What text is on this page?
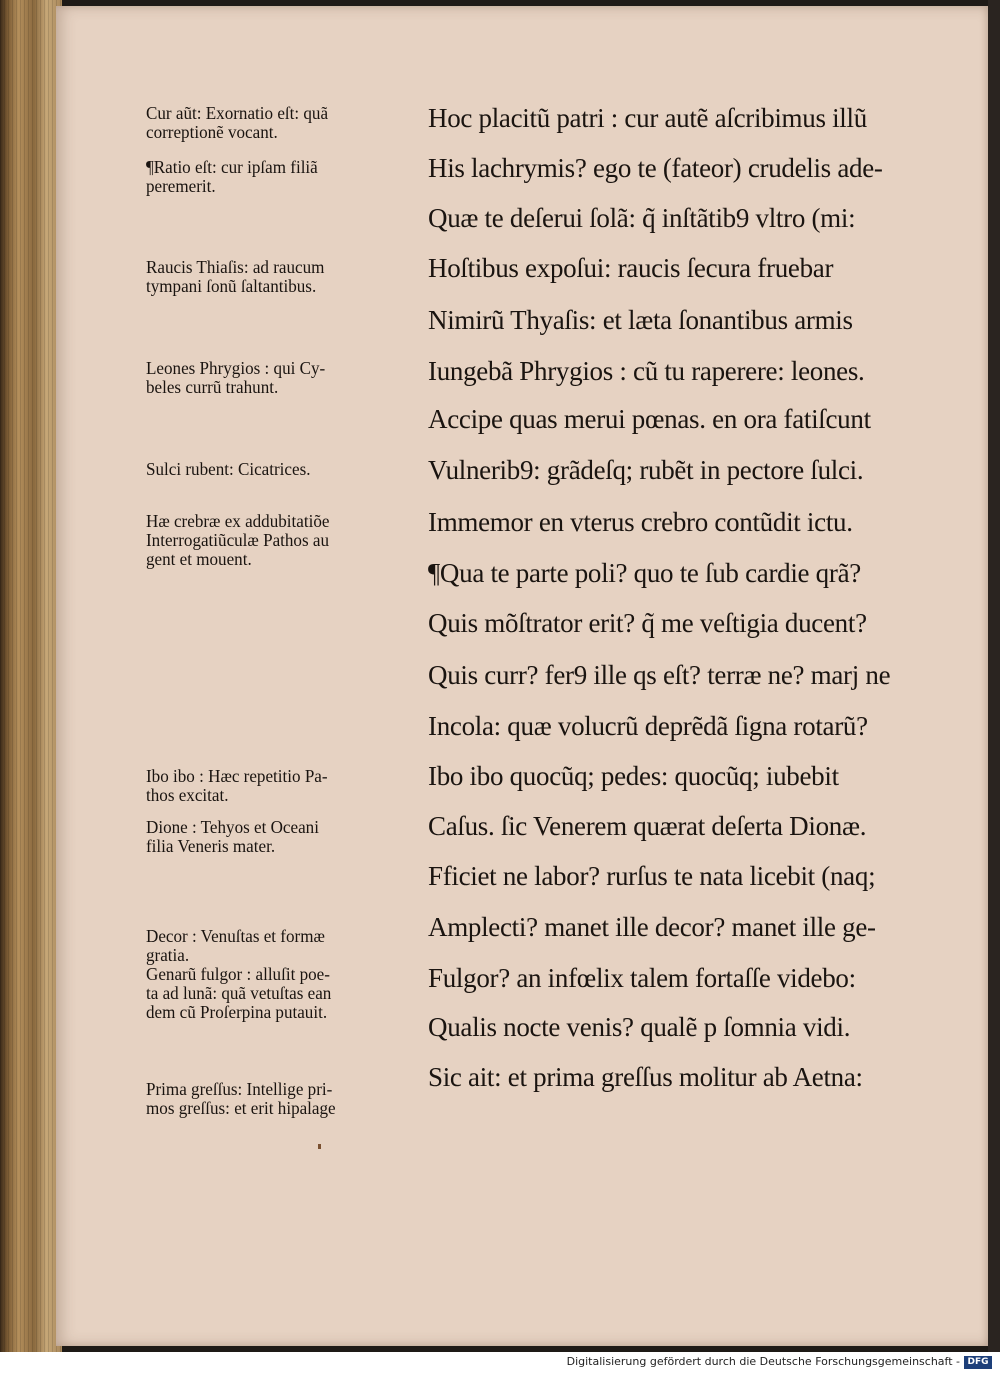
Hoc placitũ patri : cur autẽ aſcribimus illũ
His lachrymis? ego te (fateor) crudelis ade-
Quæ te deſerui ſolã: q̃ inſtãtib9 vltro (mi:
Hoſtibus expoſui: raucis ſecura fruebar
Nimirũ Thyaſis: et læta ſonantibus armis
Iungebã Phrygios : cũ tu raperere: leones.
Accipe quas merui pœnas. en ora fatiſcunt
Vulnerib9: grãdeſq; rubẽt in pectore ſulci.
Immemor en vterus crebro contũdit ictu.
¶Qua te parte poli? quo te ſub cardie qrã?
Quis mõſtrator erit? q̃ me veſtigia ducent?
Quis curr? fer9 ille qs eſt? terræ ne? marj ne
Incola: quæ volucrũ deprẽdã ſigna rotarũ?
Ibo ibo quocũq; pedes: quocũq; iubebit
Caſus. ſic Venerem quærat deſerta Dionæ.
Fficiet ne labor? rurſus te nata licebit (naq;
Amplecti? manet ille decor? manet ille ge-
Fulgor? an infœlix talem fortaſſe videbo:
Qualis nocte venis? qualẽ p ſomnia vidi.
Sic ait: et prima greſſus molitur ab Aetna:
Cur aũt: Exornatio eſt: quã
correptionẽ vocant.
¶Ratio eſt: cur ipſam filiã
peremerit.
Raucis Thiaſis: ad raucum
tympani ſonũ ſaltantibus.
Leones Phrygios : qui Cy-
beles currũ trahunt.
Sulci rubent: Cicatrices.
Hæ crebræ ex addubitatiõe
Interrogatiũculæ Pathos au
gent et mouent.
Ibo ibo : Hæc repetitio Pa-
thos excitat.
Dione : Tehyos et Oceani
filia Veneris mater.
Decor : Venuſtas et formæ
gratia.
Genarũ fulgor : alluſit poe-
ta ad lunã: quã vetuſtas ean
dem cũ Proſerpina putauit.
Prima greſſus: Intellige pri-
mos greſſus: et erit hipalage
Digitalisierung gefördert durch die Deutsche Forschungsgemeinschaft - DFG
